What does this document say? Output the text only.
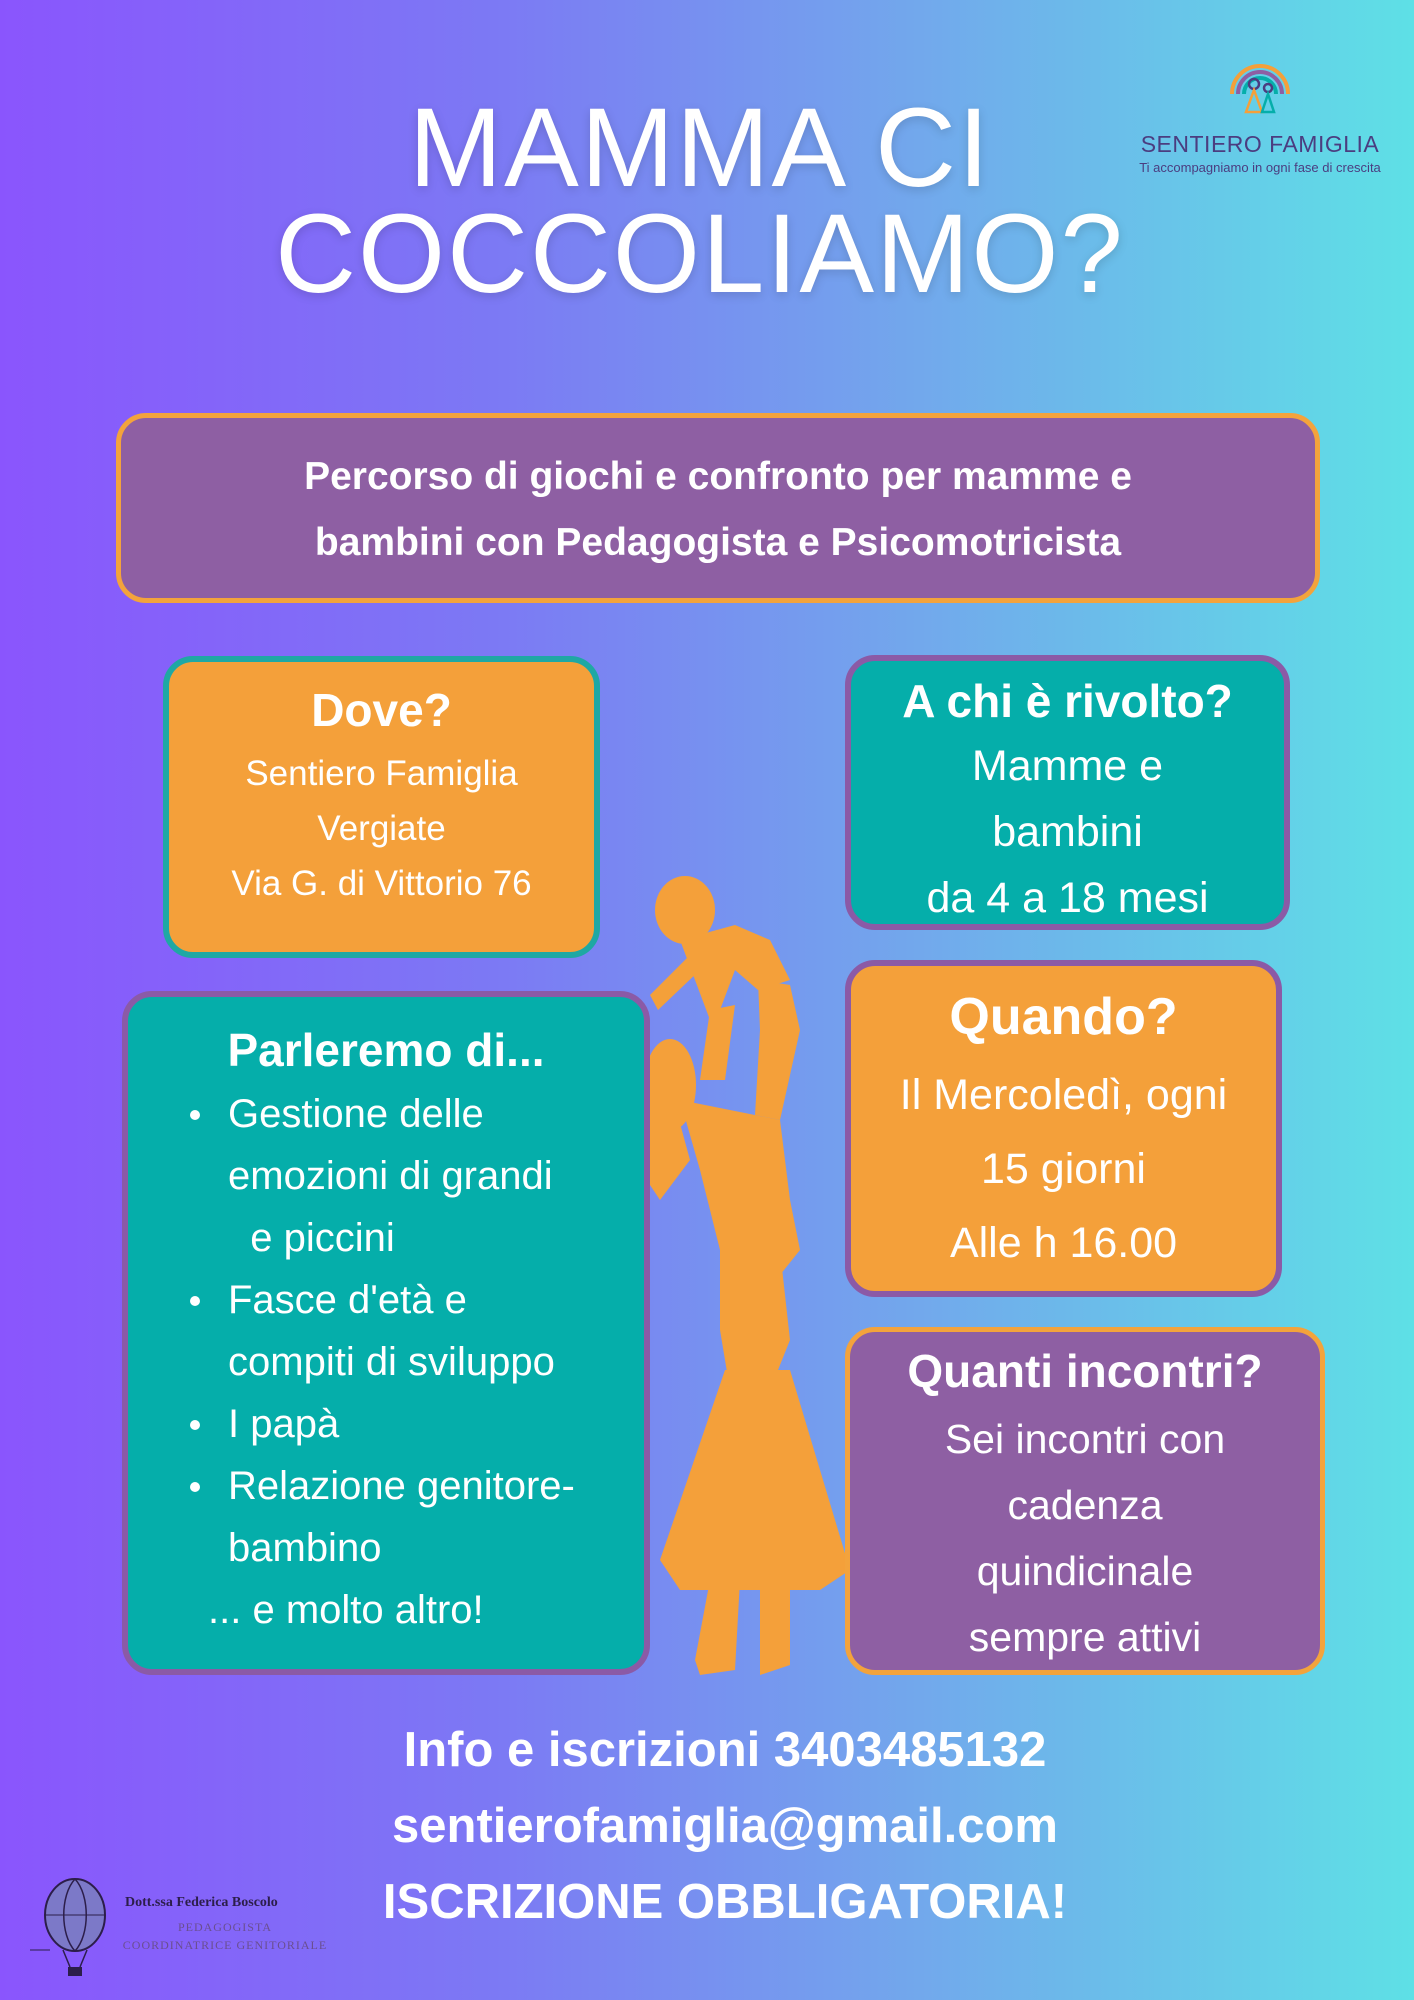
MAMMA CI
COCCOLIAMO?
SENTIERO FAMIGLIA
Ti accompagniamo in ogni fase di crescita
Percorso di giochi e confronto per mamme e
bambini con Pedagogista e Psicomotricista
Dove?
Sentiero Famiglia
Vergiate
Via G. di Vittorio 76
A chi è rivolto?
Mamme e
bambini
da 4 a 18 mesi
Quando?
Il Mercoledì, ogni
15 giorni
Alle h 16.00
Quanti incontri?
Sei incontri con
cadenza
quindicinale
sempre attivi
Parleremo di...
Gestione delle
emozioni di grandi
e piccini
Fasce d'età e
compiti di sviluppo
I papà
Relazione genitore-
bambino
... e molto altro!
Info e iscrizioni 3403485132
sentierofamiglia@gmail.com
ISCRIZIONE OBBLIGATORIA!
Dott.ssa Federica Boscolo
PEDAGOGISTA
COORDINATRICE GENITORIALE
